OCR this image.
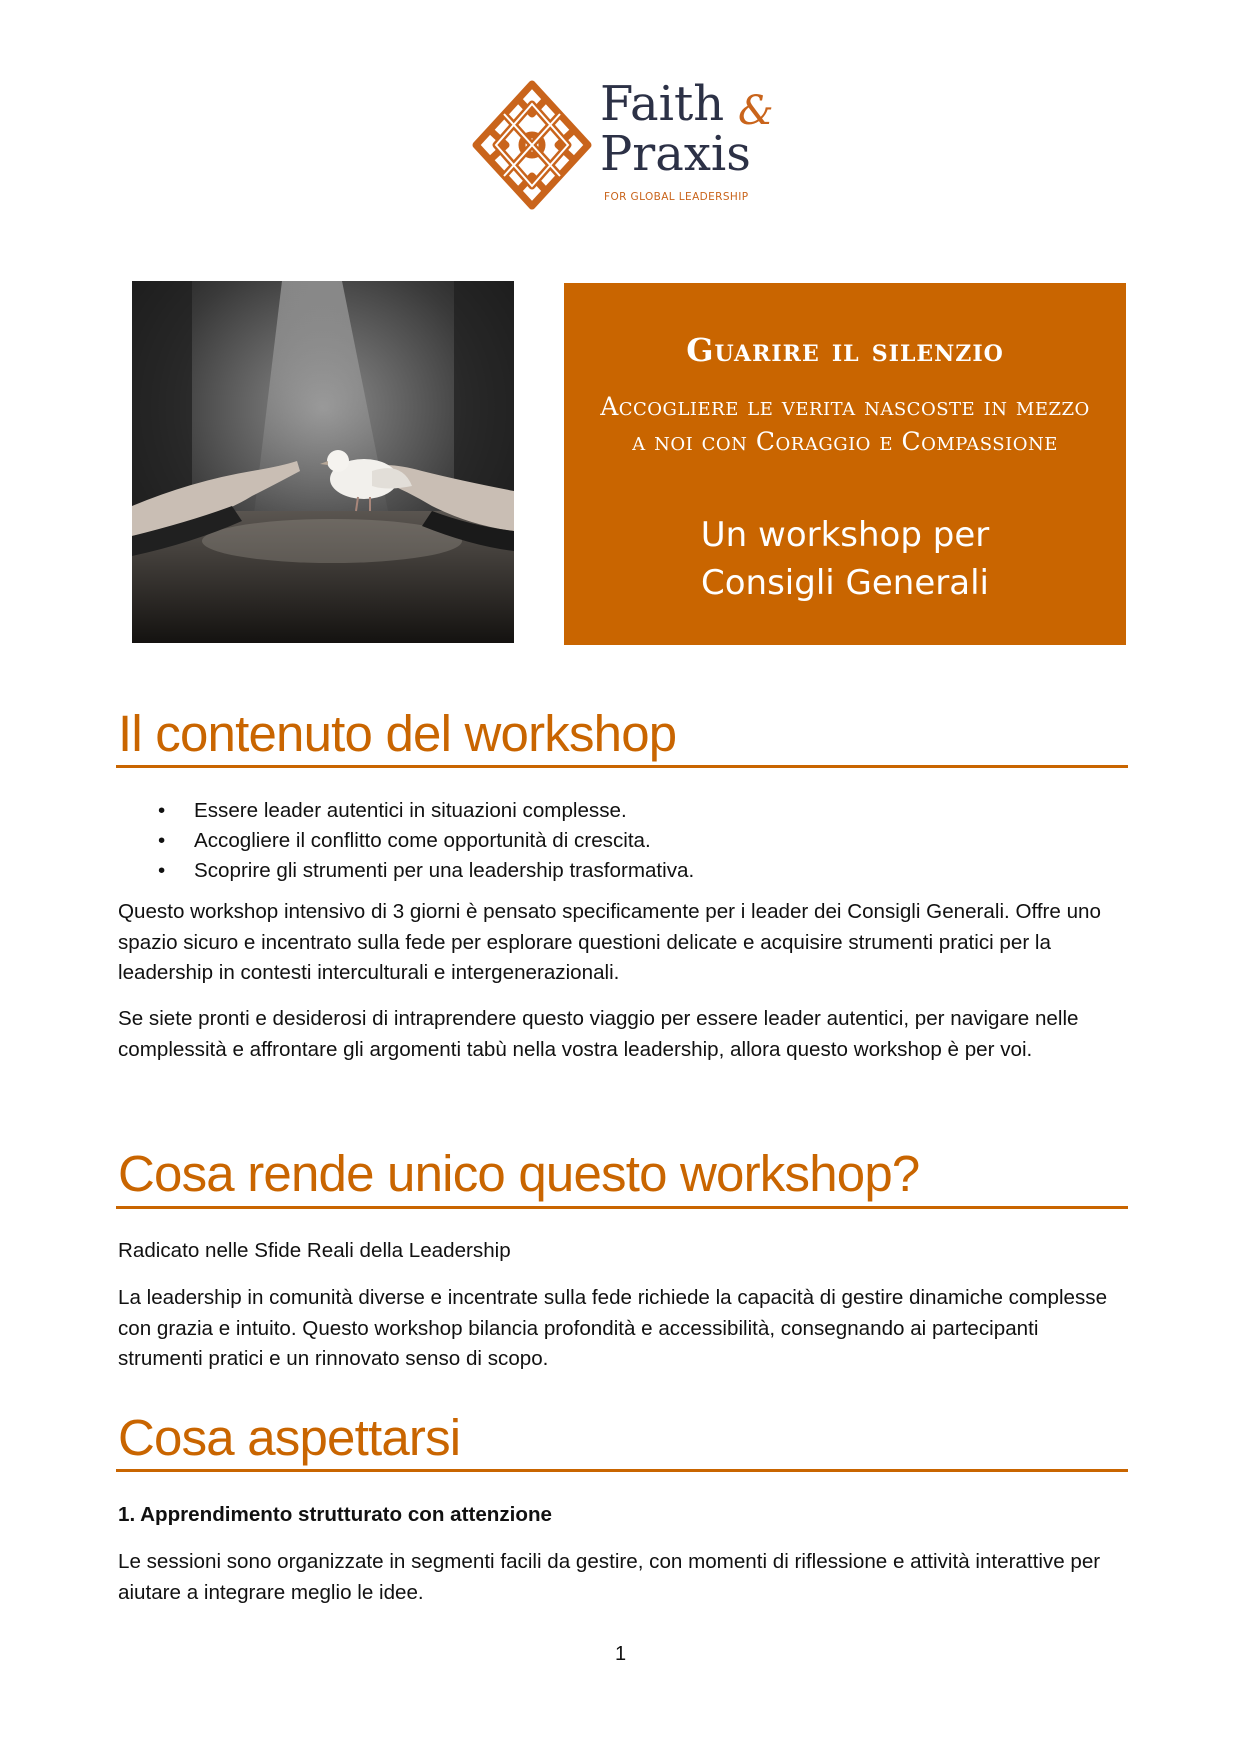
Faith &
Praxis
FOR GLOBAL LEADERSHIP
Guarire il silenzio
Accogliere le verita nascoste in mezzo a noi con Coraggio e Compassione
Un workshop per
Consigli Generali
Il contenuto del workshop
• Essere leader autentici in situazioni complesse.
• Accogliere il conflitto come opportunità di crescita.
• Scoprire gli strumenti per una leadership trasformativa.
Questo workshop intensivo di 3 giorni è pensato specificamente per i leader dei Consigli Generali. Offre uno spazio sicuro e incentrato sulla fede per esplorare questioni delicate e acquisire strumenti pratici per la leadership in contesti interculturali e intergenerazionali.
Se siete pronti e desiderosi di intraprendere questo viaggio per essere leader autentici, per navigare nelle complessità e affrontare gli argomenti tabù nella vostra leadership, allora questo workshop è per voi.
Cosa rende unico questo workshop?
Radicato nelle Sfide Reali della Leadership
La leadership in comunità diverse e incentrate sulla fede richiede la capacità di gestire dinamiche complesse con grazia e intuito. Questo workshop bilancia profondità e accessibilità, consegnando ai partecipanti strumenti pratici e un rinnovato senso di scopo.
Cosa aspettarsi
1. Apprendimento strutturato con attenzione
Le sessioni sono organizzate in segmenti facili da gestire, con momenti di riflessione e attività interattive per aiutare a integrare meglio le idee.
1
